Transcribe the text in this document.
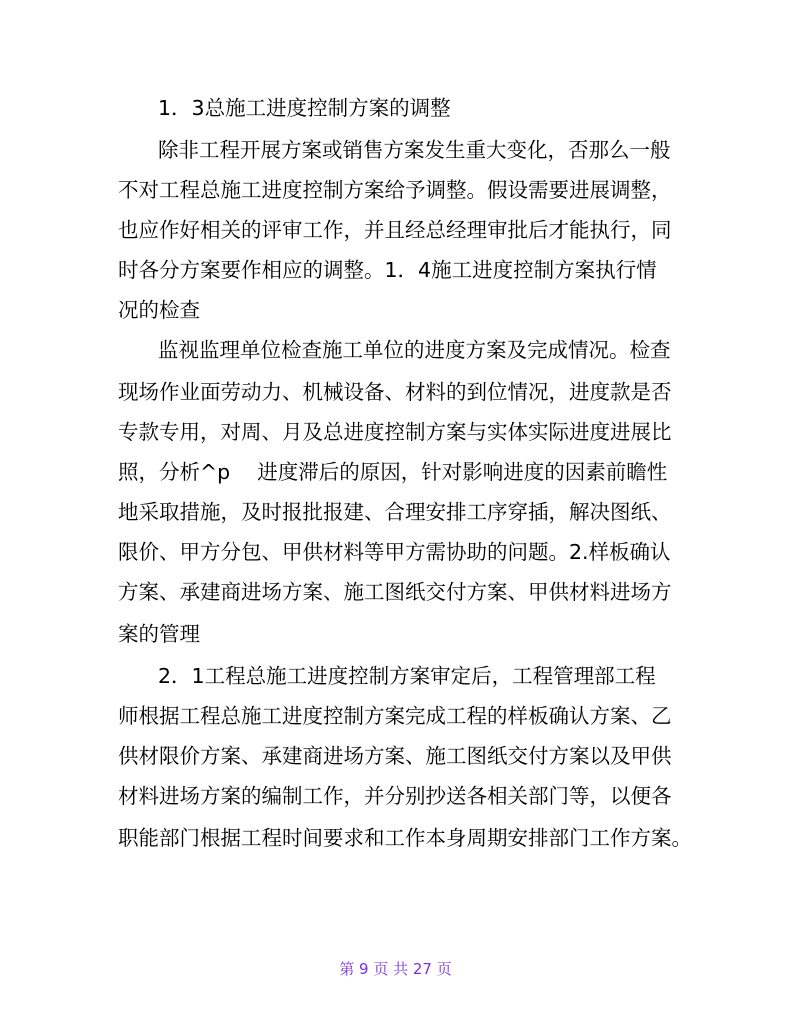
1．3总施工进度控制方案的调整
除非工程开展方案或销售方案发生重大变化，否那么一般
不对工程总施工进度控制方案给予调整。假设需要进展调整，
也应作好相关的评审工作，并且经总经理审批后才能执行，同
时各分方案要作相应的调整。1．4施工进度控制方案执行情
况的检查
监视监理单位检查施工单位的进度方案及完成情况。检查
现场作业面劳动力、机械设备、材料的到位情况，进度款是否
专款专用，对周、月及总进度控制方案与实体实际进度进展比
照，分析^p　 进度滞后的原因，针对影响进度的因素前瞻性
地采取措施，及时报批报建、合理安排工序穿插，解决图纸、
限价、甲方分包、甲供材料等甲方需协助的问题。2.样板确认
方案、承建商进场方案、施工图纸交付方案、甲供材料进场方
案的管理
2．1工程总施工进度控制方案审定后，工程管理部工程
师根据工程总施工进度控制方案完成工程的样板确认方案、乙
供材限价方案、承建商进场方案、施工图纸交付方案以及甲供
材料进场方案的编制工作，并分别抄送各相关部门等，以便各
职能部门根据工程时间要求和工作本身周期安排部门工作方案。
第 9 页 共 27 页
